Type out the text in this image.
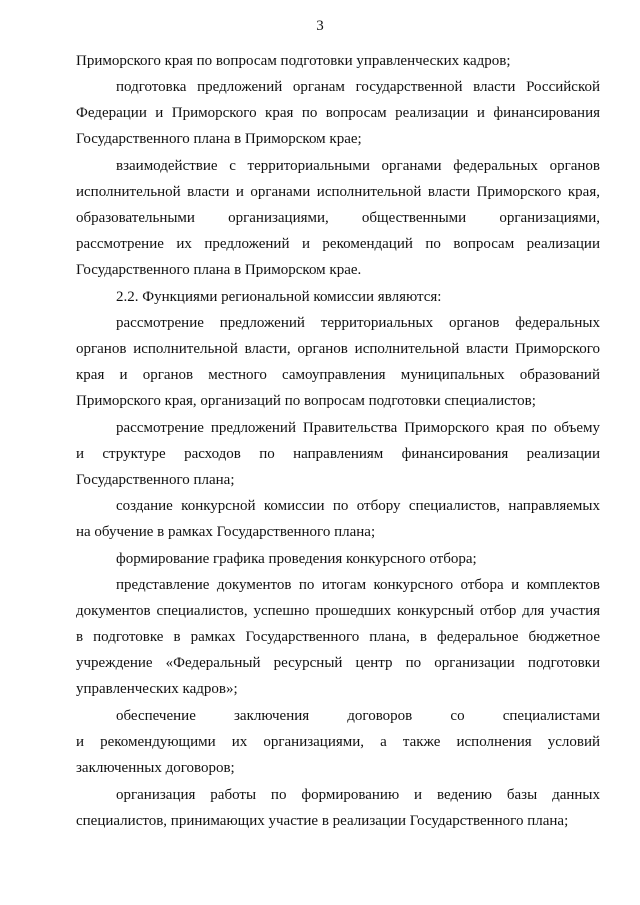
3
Приморского края по вопросам подготовки управленческих кадров;
подготовка предложений органам государственной власти Российской
Федерации и Приморского края по вопросам реализации и финансирования
Государственного плана в Приморском крае;
взаимодействие с территориальными органами федеральных органов
исполнительной власти и органами исполнительной власти Приморского края,
образовательными организациями, общественными организациями,
рассмотрение их предложений и рекомендаций по вопросам реализации
Государственного плана в Приморском крае.
2.2. Функциями региональной комиссии являются:
рассмотрение предложений территориальных органов федеральных
органов исполнительной власти, органов исполнительной власти Приморского
края и органов местного самоуправления муниципальных образований
Приморского края, организаций по вопросам подготовки специалистов;
рассмотрение предложений Правительства Приморского края по объему
и структуре расходов по направлениям финансирования реализации
Государственного плана;
создание конкурсной комиссии по отбору специалистов, направляемых
на обучение в рамках Государственного плана;
формирование графика проведения конкурсного отбора;
представление документов по итогам конкурсного отбора и комплектов
документов специалистов, успешно прошедших конкурсный отбор для участия
в подготовке в рамках Государственного плана, в федеральное бюджетное
учреждение «Федеральный ресурсный центр по организации подготовки
управленческих кадров»;
обеспечение заключения договоров со специалистами
и рекомендующими их организациями, а также исполнения условий
заключенных договоров;
организация работы по формированию и ведению базы данных
специалистов, принимающих участие в реализации Государственного плана;
